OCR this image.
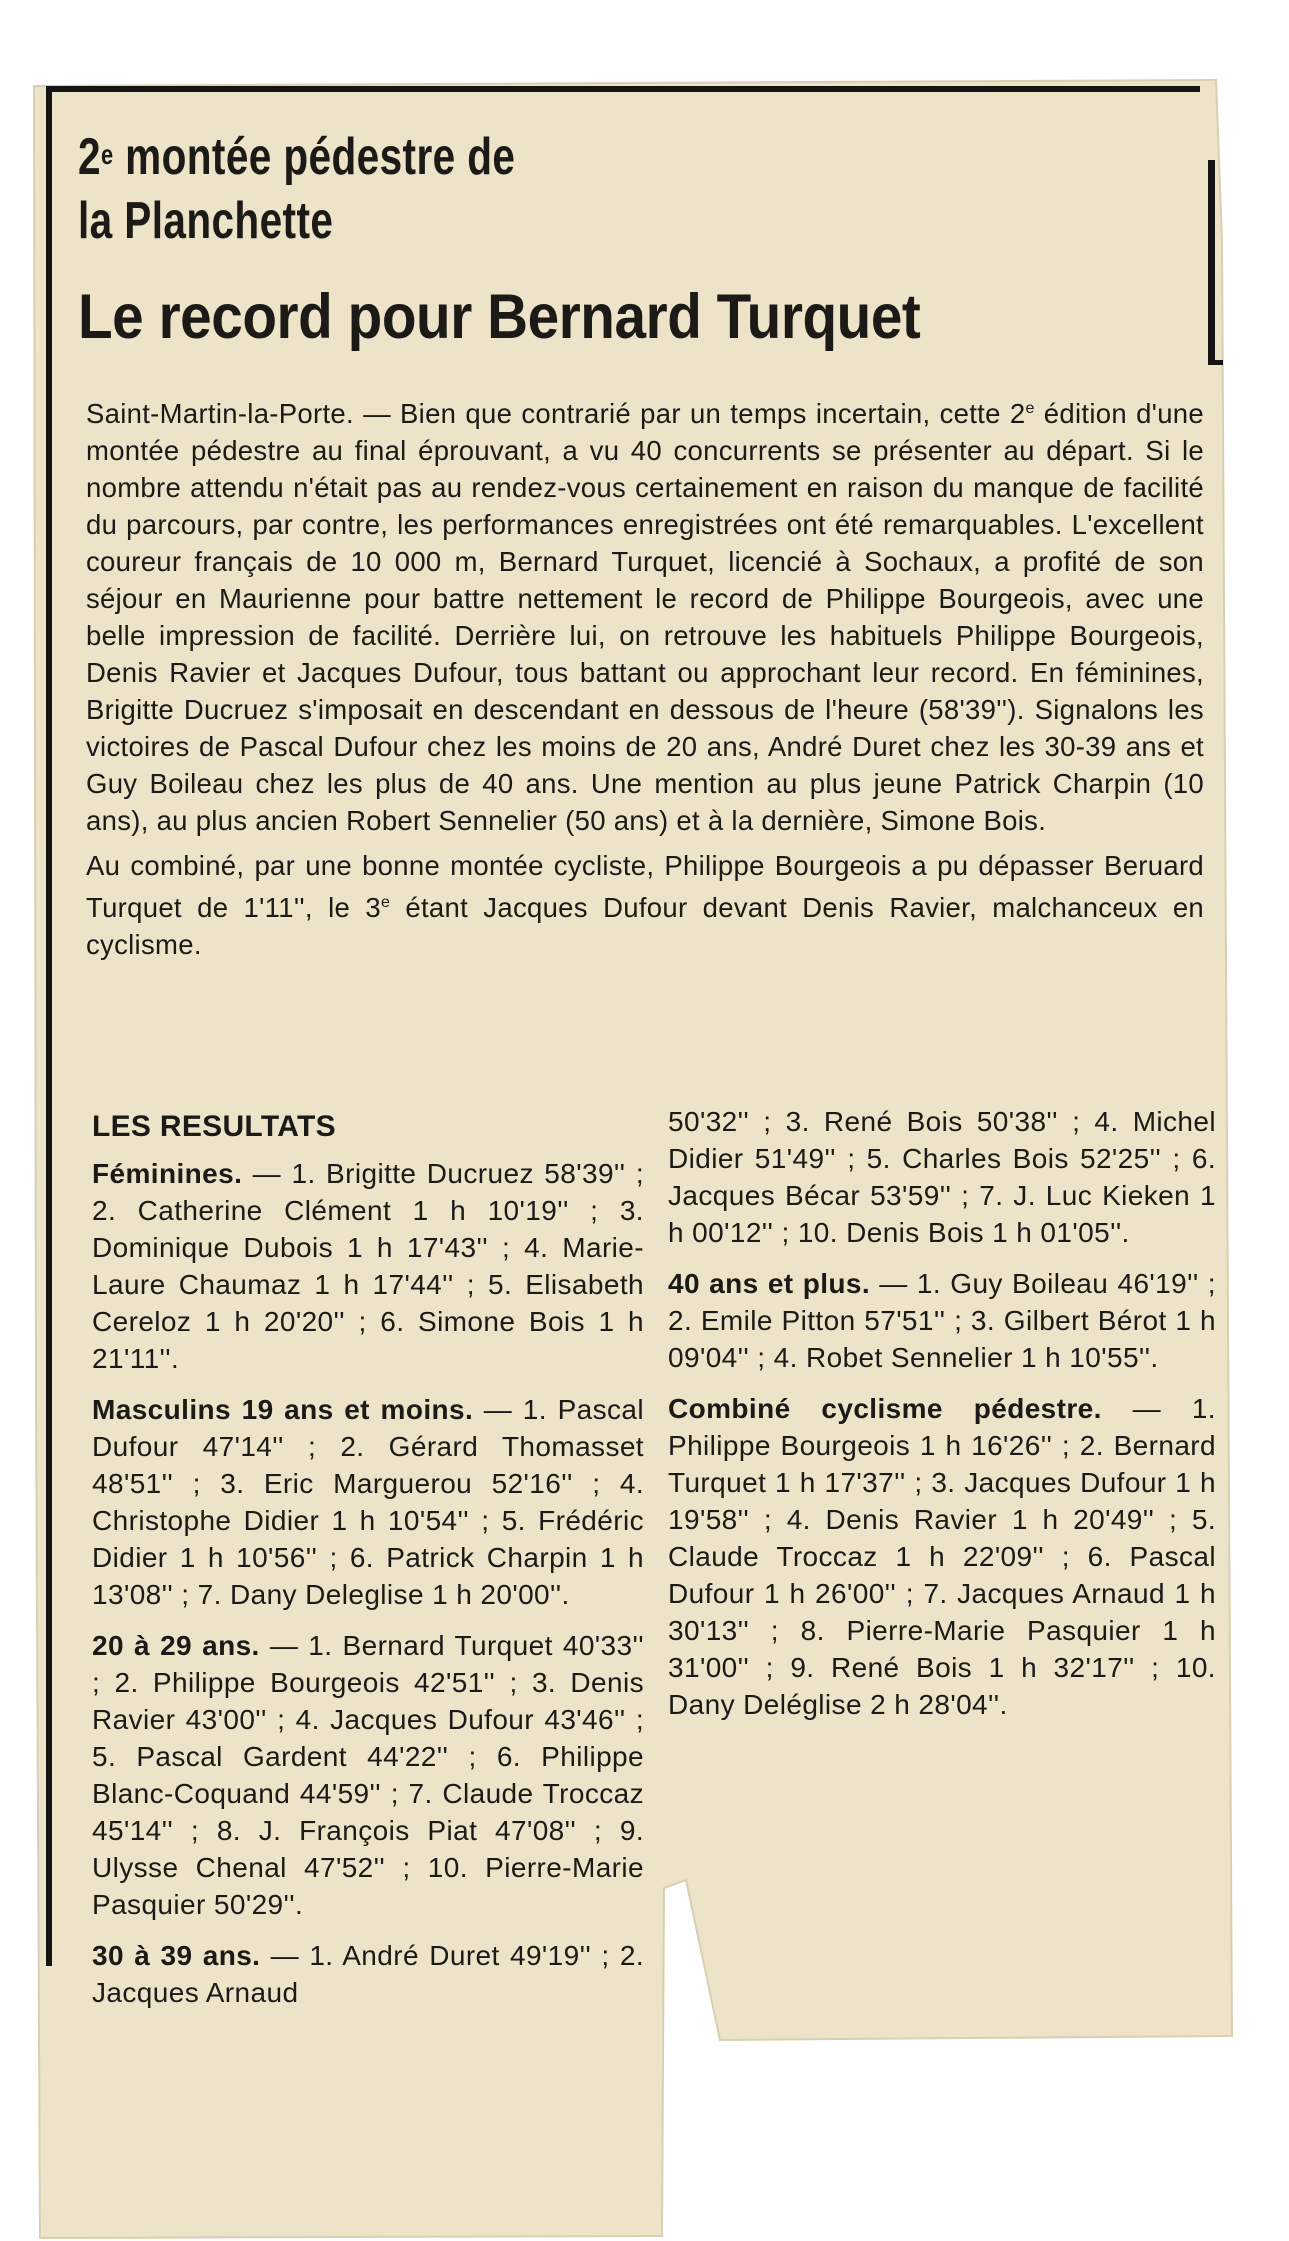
2e montée pédestre de
la Planchette
Le record pour Bernard Turquet

Saint-Martin-la-Porte. — Bien que contrarié par un temps incertain, cette 2e édition d'une montée pédestre au final éprouvant, a vu 40 concurrents se présenter au départ. Si le nombre attendu n'était pas au rendez-vous certainement en raison du manque de facilité du parcours, par contre, les performances enregistrées ont été remarquables. L'excellent coureur français de 10 000 m, Bernard Turquet, licencié à Sochaux, a profité de son séjour en Maurienne pour battre nettement le record de Philippe Bourgeois, avec une belle impression de facilité. Derrière lui, on retrouve les habituels Philippe Bourgeois, Denis Ravier et Jacques Dufour, tous battant ou approchant leur record. En féminines, Brigitte Ducruez s'imposait en descendant en dessous de l'heure (58'39''). Signalons les victoires de Pascal Dufour chez les moins de 20 ans, André Duret chez les 30-39 ans et Guy Boileau chez les plus de 40 ans. Une mention au plus jeune Patrick Charpin (10 ans), au plus ancien Robert Sennelier (50 ans) et à la dernière, Simone Bois.

Au combiné, par une bonne montée cycliste, Philippe Bourgeois a pu dépasser Beruard Turquet de 1'11'', le 3e étant Jacques Dufour devant Denis Ravier, malchanceux en cyclisme.

LES RESULTATS

Féminines. — 1. Brigitte Ducruez 58'39'' ; 2. Catherine Clément 1 h 10'19'' ; 3. Dominique Dubois 1 h 17'43'' ; 4. Marie-Laure Chaumaz 1 h 17'44'' ; 5. Elisabeth Cereloz 1 h 20'20'' ; 6. Simone Bois 1 h 21'11''.

Masculins 19 ans et moins. — 1. Pascal Dufour 47'14'' ; 2. Gérard Thomasset 48'51'' ; 3. Eric Marguerou 52'16'' ; 4. Christophe Didier 1 h 10'54'' ; 5. Frédéric Didier 1 h 10'56'' ; 6. Patrick Charpin 1 h 13'08'' ; 7. Dany Deleglise 1 h 20'00''.

20 à 29 ans. — 1. Bernard Turquet 40'33'' ; 2. Philippe Bourgeois 42'51'' ; 3. Denis Ravier 43'00'' ; 4. Jacques Dufour 43'46'' ; 5. Pascal Gardent 44'22'' ; 6. Philippe Blanc-Coquand 44'59'' ; 7. Claude Troccaz 45'14'' ; 8. J. François Piat 47'08'' ; 9. Ulysse Chenal 47'52'' ; 10. Pierre-Marie Pasquier 50'29''.

30 à 39 ans. — 1. André Duret 49'19'' ; 2. Jacques Arnaud

50'32'' ; 3. René Bois 50'38'' ; 4. Michel Didier 51'49'' ; 5. Charles Bois 52'25'' ; 6. Jacques Bécar 53'59'' ; 7. J. Luc Kieken 1 h 00'12'' ; 10. Denis Bois 1 h 01'05''.

40 ans et plus. — 1. Guy Boileau 46'19'' ; 2. Emile Pitton 57'51'' ; 3. Gilbert Bérot 1 h 09'04'' ; 4. Robet Sennelier 1 h 10'55''.

Combiné cyclisme pédestre. — 1. Philippe Bourgeois 1 h 16'26'' ; 2. Bernard Turquet 1 h 17'37'' ; 3. Jacques Dufour 1 h 19'58'' ; 4. Denis Ravier 1 h 20'49'' ; 5. Claude Troccaz 1 h 22'09'' ; 6. Pascal Dufour 1 h 26'00'' ; 7. Jacques Arnaud 1 h 30'13'' ; 8. Pierre-Marie Pasquier 1 h 31'00'' ; 9. René Bois 1 h 32'17'' ; 10. Dany Deléglise 2 h 28'04''.
